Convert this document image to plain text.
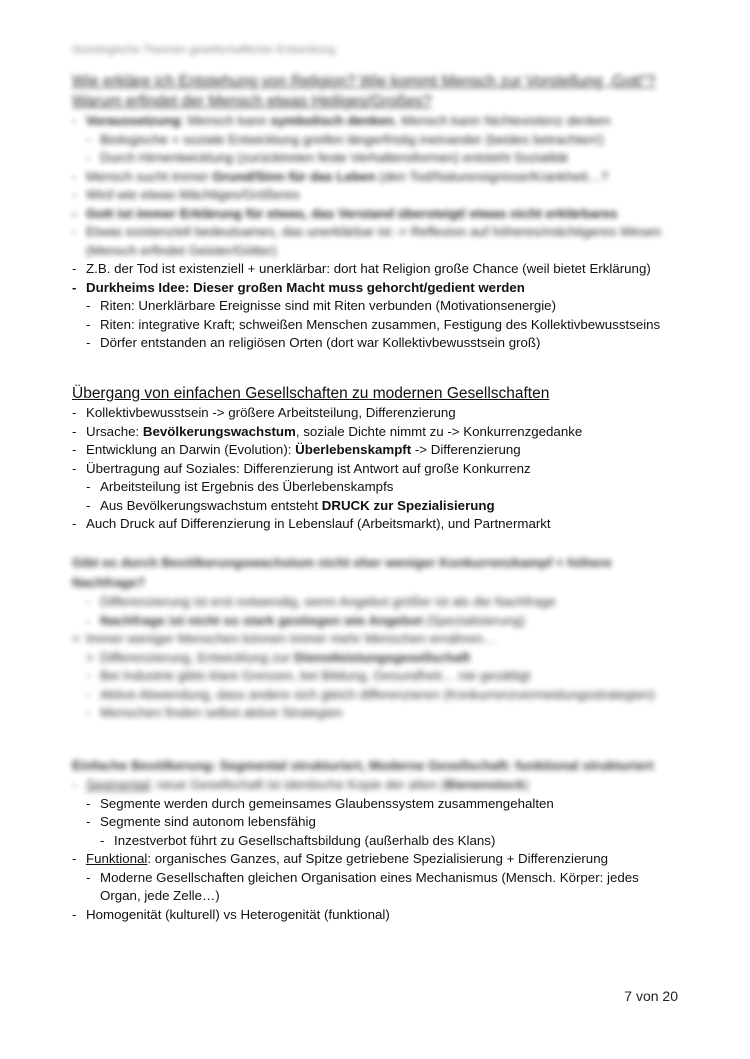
Soziologische Theorien gesellschaftlicher Entwicklung
Wie erkläre ich Entstehung von Religion? Wie kommt Mensch zur Vorstellung „Gott"? Warum erfindet der Mensch etwas Heiliges/Großes?
- Voraussetzung: Mensch kann symbolisch denken, Mensch kann Nichtexistenz denken
- Biologische + soziale Entwicklung greifen längerfristig ineinander (beides betrachten!)
- Durch Hirnentwicklung (zurücktreten feste Verhaltensformen) entsteht Sozialität
- Mensch sucht immer Grund/Sinn für das Leben (den Tod/Naturereignisse/Krankheit…?
- Wird wie etwas Mächtiges/Größeres
- Gott ist immer Erklärung für etwas, das Verstand übersteigt/ etwas nicht erklärbares
- Etwas existenziell bedeutsames, das unerklärbar ist -> Reflexion auf höheres/mächtigeres Wesen (Mensch erfindet Geister/Götter)
- Z.B. der Tod ist existenziell + unerklärbar: dort hat Religion große Chance (weil bietet Erklärung)
- Durkheims Idee: Dieser großen Macht muss gehorcht/gedient werden
- Riten: Unerklärbare Ereignisse sind mit Riten verbunden (Motivationsenergie)
- Riten: integrative Kraft; schweißen Menschen zusammen, Festigung des Kollektivbewusstseins
- Dörfer entstanden an religiösen Orten (dort war Kollektivbewusstsein groß)
Übergang von einfachen Gesellschaften zu modernen Gesellschaften
- Kollektivbewusstsein -> größere Arbeitsteilung, Differenzierung
- Ursache: Bevölkerungswachstum, soziale Dichte nimmt zu -> Konkurrenzgedanke
- Entwicklung an Darwin (Evolution): Überlebenskampft -> Differenzierung
- Übertragung auf Soziales: Differenzierung ist Antwort auf große Konkurrenz
- Arbeitsteilung ist Ergebnis des Überlebenskampfs
- Aus Bevölkerungswachstum entsteht DRUCK zur Spezialisierung
- Auch Druck auf Differenzierung in Lebenslauf (Arbeitsmarkt), und Partnermarkt
Gibt es durch Bevölkerungswachstum nicht eher weniger Konkurrenzkampf + höhere Nachfrage?
- Differenzierung ist erst notwendig, wenn Angebot größer ist als die Nachfrage
- Nachfrage ist nicht so stark gestiegen wie Angebot (Spezialisierung)
> Immer weniger Menschen können immer mehr Menschen ernähren…
> Differenzierung, Entwicklung zur Dienstleistungsgesellschaft
- Bei Industrie gibts klare Grenzen, bei Bildung, Gesundheit… nie gesättigt
- Aktive Abwendung, dass andere sich gleich differenzieren (Konkurrenzvermeidungsstrategien)
- Menschen finden selbst aktive Strategien
Einfache Bevölkerung: Segmental strukturiert, Moderne Gesellschaft: funktional strukturiert
- Segmental: neue Gesellschaft ist identische Kopie der alten (Bienenstock)
- Segmente werden durch gemeinsames Glaubenssystem zusammengehalten
- Segmente sind autonom lebensfähig
- Inzestverbot führt zu Gesellschaftsbildung (außerhalb des Klans)
- Funktional: organisches Ganzes, auf Spitze getriebene Spezialisierung + Differenzierung
- Moderne Gesellschaften gleichen Organisation eines Mechanismus (Mensch. Körper: jedes Organ, jede Zelle…)
- Homogenität (kulturell) vs Heterogenität (funktional)
7 von 20
